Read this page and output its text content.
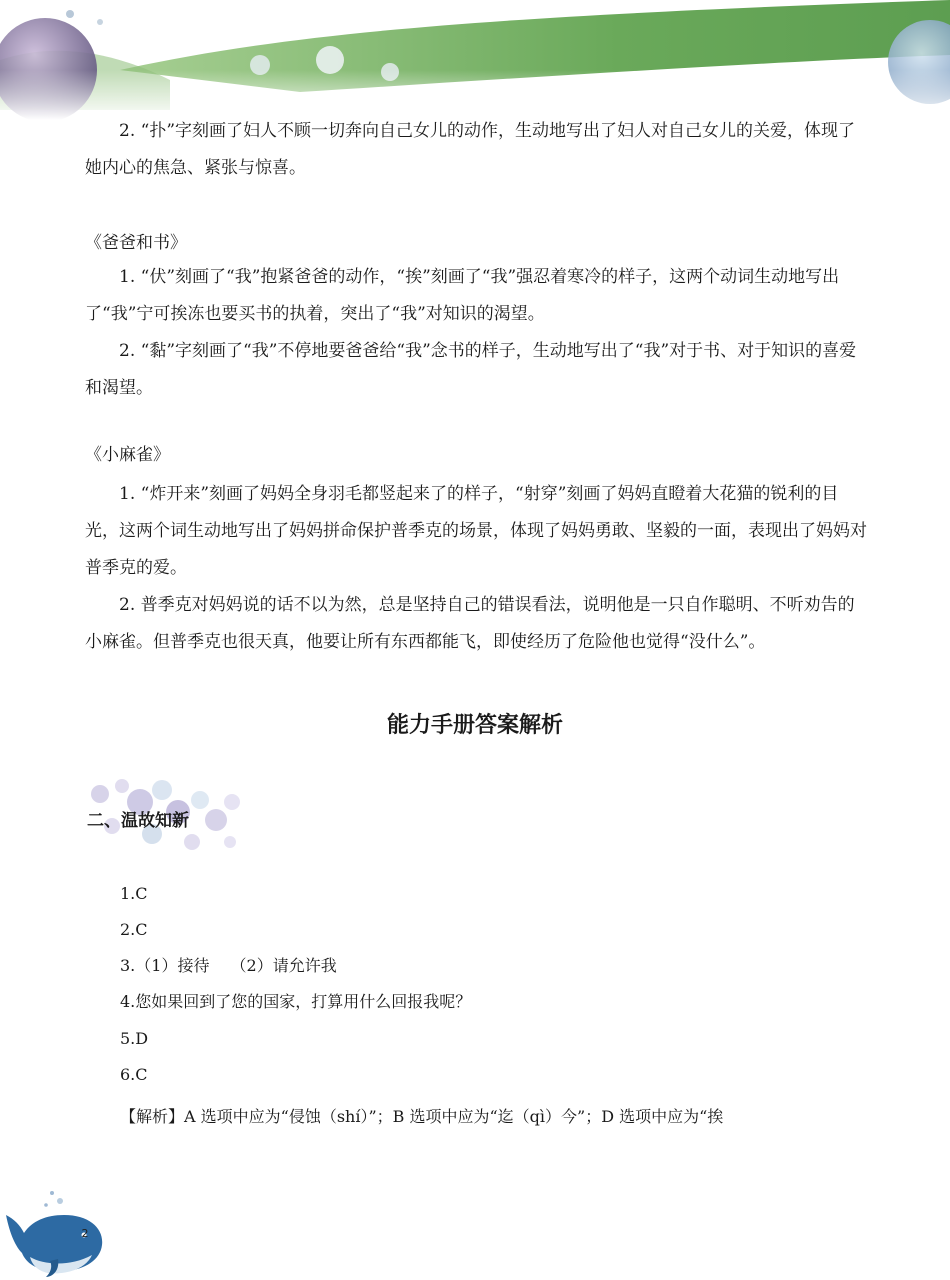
2. “扑”字刻画了妇人不顾一切奔向自己女儿的动作，生动地写出了妇人对自己女儿的关爱，体现了她内心的焦急、紧张与惊喜。

《爸爸和书》

1. “伏”刻画了“我”抱紧爸爸的动作，“挨”刻画了“我”强忍着寒冷的样子，这两个动词生动地写出了“我”宁可挨冻也要买书的执着，突出了“我”对知识的渴望。

2. “黏”字刻画了“我”不停地要爸爸给“我”念书的样子，生动地写出了“我”对于书、对于知识的喜爱和渴望。

《小麻雀》

1. “炸开来”刻画了妈妈全身羽毛都竖起来了的样子，“射穿”刻画了妈妈直瞪着大花猫的锐利的目光，这两个词生动地写出了妈妈拼命保护普季克的场景，体现了妈妈勇敢、坚毅的一面，表现出了妈妈对普季克的爱。

2. 普季克对妈妈说的话不以为然，总是坚持自己的错误看法，说明他是一只自作聪明、不听劝告的小麻雀。但普季克也很天真，他要让所有东西都能飞，即使经历了危险他也觉得“没什么”。

能力手册答案解析
二、温故知新
1.C
2.C
3.（1）接待　 （2）请允许我
4.您如果回到了您的国家，打算用什么回报我呢？
5.D
6.C
【解析】A 选项中应为“侵蚀（shí）”；B 选项中应为“迄（qì）今”；D 选项中应为“挨
2
